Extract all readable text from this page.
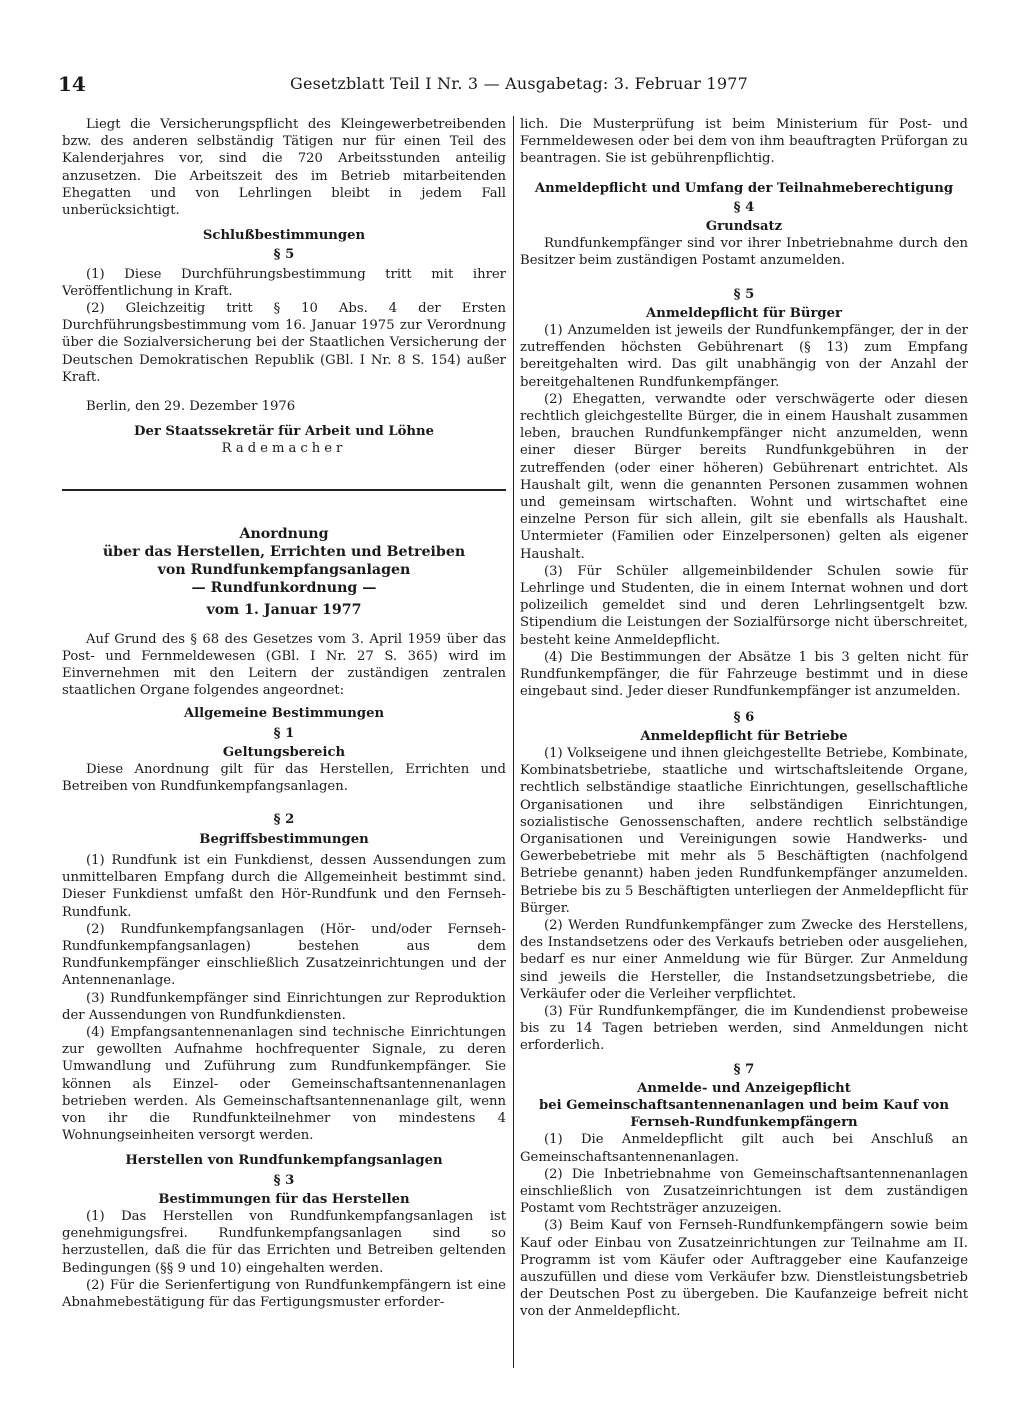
14	Gesetzblatt Teil I Nr. 3 — Ausgabetag: 3. Februar 1977

Liegt die Versicherungspflicht des Kleingewerbetreibenden bzw. des anderen selbständig Tätigen nur für einen Teil des Kalenderjahres vor, sind die 720 Arbeitsstunden anteilig anzusetzen. Die Arbeitszeit des im Betrieb mitarbeitenden Ehegatten und von Lehrlingen bleibt in jedem Fall unberücksichtigt.

Schlußbestimmungen

§ 5

(1) Diese Durchführungsbestimmung tritt mit ihrer Veröffentlichung in Kraft.

(2) Gleichzeitig tritt § 10 Abs. 4 der Ersten Durchführungsbestimmung vom 16. Januar 1975 zur Verordnung über die Sozialversicherung bei der Staatlichen Versicherung der Deutschen Demokratischen Republik (GBl. I Nr. 8 S. 154) außer Kraft.

Berlin, den 29. Dezember 1976

Der Staatssekretär für Arbeit und Löhne

Rademacher

Anordnung

über das Herstellen, Errichten und Betreiben

von Rundfunkempfangsanlagen

— Rundfunkordnung —

vom 1. Januar 1977

Auf Grund des § 68 des Gesetzes vom 3. April 1959 über das Post- und Fernmeldewesen (GBl. I Nr. 27 S. 365) wird im Einvernehmen mit den Leitern der zuständigen zentralen staatlichen Organe folgendes angeordnet:

Allgemeine Bestimmungen

§ 1

Geltungsbereich

Diese Anordnung gilt für das Herstellen, Errichten und Betreiben von Rundfunkempfangsanlagen.

§ 2

Begriffsbestimmungen

(1) Rundfunk ist ein Funkdienst, dessen Aussendungen zum unmittelbaren Empfang durch die Allgemeinheit bestimmt sind. Dieser Funkdienst umfaßt den Hör-Rundfunk und den Fernseh-Rundfunk.

(2) Rundfunkempfangsanlagen (Hör- und/oder Fernseh-Rundfunkempfangsanlagen) bestehen aus dem Rundfunkempfänger einschließlich Zusatzeinrichtungen und der Antennenanlage.

(3) Rundfunkempfänger sind Einrichtungen zur Reproduktion der Aussendungen von Rundfunkdiensten.

(4) Empfangsantennenanlagen sind technische Einrichtungen zur gewollten Aufnahme hochfrequenter Signale, zu deren Umwandlung und Zuführung zum Rundfunkempfänger. Sie können als Einzel- oder Gemeinschaftsantennenanlagen betrieben werden. Als Gemeinschaftsantennenanlage gilt, wenn von ihr die Rundfunkteilnehmer von mindestens 4 Wohnungseinheiten versorgt werden.

Herstellen von Rundfunkempfangsanlagen

§ 3

Bestimmungen für das Herstellen

(1) Das Herstellen von Rundfunkempfangsanlagen ist genehmigungsfrei. Rundfunkempfangsanlagen sind so herzustellen, daß die für das Errichten und Betreiben geltenden Bedingungen (§§ 9 und 10) eingehalten werden.

(2) Für die Serienfertigung von Rundfunkempfängern ist eine Abnahmebestätigung für das Fertigungsmuster erforder-

lich. Die Musterprüfung ist beim Ministerium für Post- und Fernmeldewesen oder bei dem von ihm beauftragten Prüforgan zu beantragen. Sie ist gebührenpflichtig.

Anmeldepflicht und Umfang der Teilnahmeberechtigung

§ 4

Grundsatz

Rundfunkempfänger sind vor ihrer Inbetriebnahme durch den Besitzer beim zuständigen Postamt anzumelden.

§ 5

Anmeldepflicht für Bürger

(1) Anzumelden ist jeweils der Rundfunkempfänger, der in der zutreffenden höchsten Gebührenart (§ 13) zum Empfang bereitgehalten wird. Das gilt unabhängig von der Anzahl der bereitgehaltenen Rundfunkempfänger.

(2) Ehegatten, verwandte oder verschwägerte oder diesen rechtlich gleichgestellte Bürger, die in einem Haushalt zusammen leben, brauchen Rundfunkempfänger nicht anzumelden, wenn einer dieser Bürger bereits Rundfunkgebühren in der zutreffenden (oder einer höheren) Gebührenart entrichtet. Als Haushalt gilt, wenn die genannten Personen zusammen wohnen und gemeinsam wirtschaften. Wohnt und wirtschaftet eine einzelne Person für sich allein, gilt sie ebenfalls als Haushalt. Untermieter (Familien oder Einzelpersonen) gelten als eigener Haushalt.

(3) Für Schüler allgemeinbildender Schulen sowie für Lehrlinge und Studenten, die in einem Internat wohnen und dort polizeilich gemeldet sind und deren Lehrlingsentgelt bzw. Stipendium die Leistungen der Sozialfürsorge nicht überschreitet, besteht keine Anmeldepflicht.

(4) Die Bestimmungen der Absätze 1 bis 3 gelten nicht für Rundfunkempfänger, die für Fahrzeuge bestimmt und in diese eingebaut sind. Jeder dieser Rundfunkempfänger ist anzumelden.

§ 6

Anmeldepflicht für Betriebe

(1) Volkseigene und ihnen gleichgestellte Betriebe, Kombinate, Kombinatsbetriebe, staatliche und wirtschaftsleitende Organe, rechtlich selbständige staatliche Einrichtungen, gesellschaftliche Organisationen und ihre selbständigen Einrichtungen, sozialistische Genossenschaften, andere rechtlich selbständige Organisationen und Vereinigungen sowie Handwerks- und Gewerbebetriebe mit mehr als 5 Beschäftigten (nachfolgend Betriebe genannt) haben jeden Rundfunkempfänger anzumelden. Betriebe bis zu 5 Beschäftigten unterliegen der Anmeldepflicht für Bürger.

(2) Werden Rundfunkempfänger zum Zwecke des Herstellens, des Instandsetzens oder des Verkaufs betrieben oder ausgeliehen, bedarf es nur einer Anmeldung wie für Bürger. Zur Anmeldung sind jeweils die Hersteller, die Instandsetzungsbetriebe, die Verkäufer oder die Verleiher verpflichtet.

(3) Für Rundfunkempfänger, die im Kundendienst probeweise bis zu 14 Tagen betrieben werden, sind Anmeldungen nicht erforderlich.

§ 7

Anmelde- und Anzeigepflicht

bei Gemeinschaftsantennenanlagen und beim Kauf von

Fernseh-Rundfunkempfängern

(1) Die Anmeldepflicht gilt auch bei Anschluß an Gemeinschaftsantennenanlagen.

(2) Die Inbetriebnahme von Gemeinschaftsantennenanlagen einschließlich von Zusatzeinrichtungen ist dem zuständigen Postamt vom Rechtsträger anzuzeigen.

(3) Beim Kauf von Fernseh-Rundfunkempfängern sowie beim Kauf oder Einbau von Zusatzeinrichtungen zur Teilnahme am II. Programm ist vom Käufer oder Auftraggeber eine Kaufanzeige auszufüllen und diese vom Verkäufer bzw. Dienstleistungsbetrieb der Deutschen Post zu übergeben. Die Kaufanzeige befreit nicht von der Anmeldepflicht.
